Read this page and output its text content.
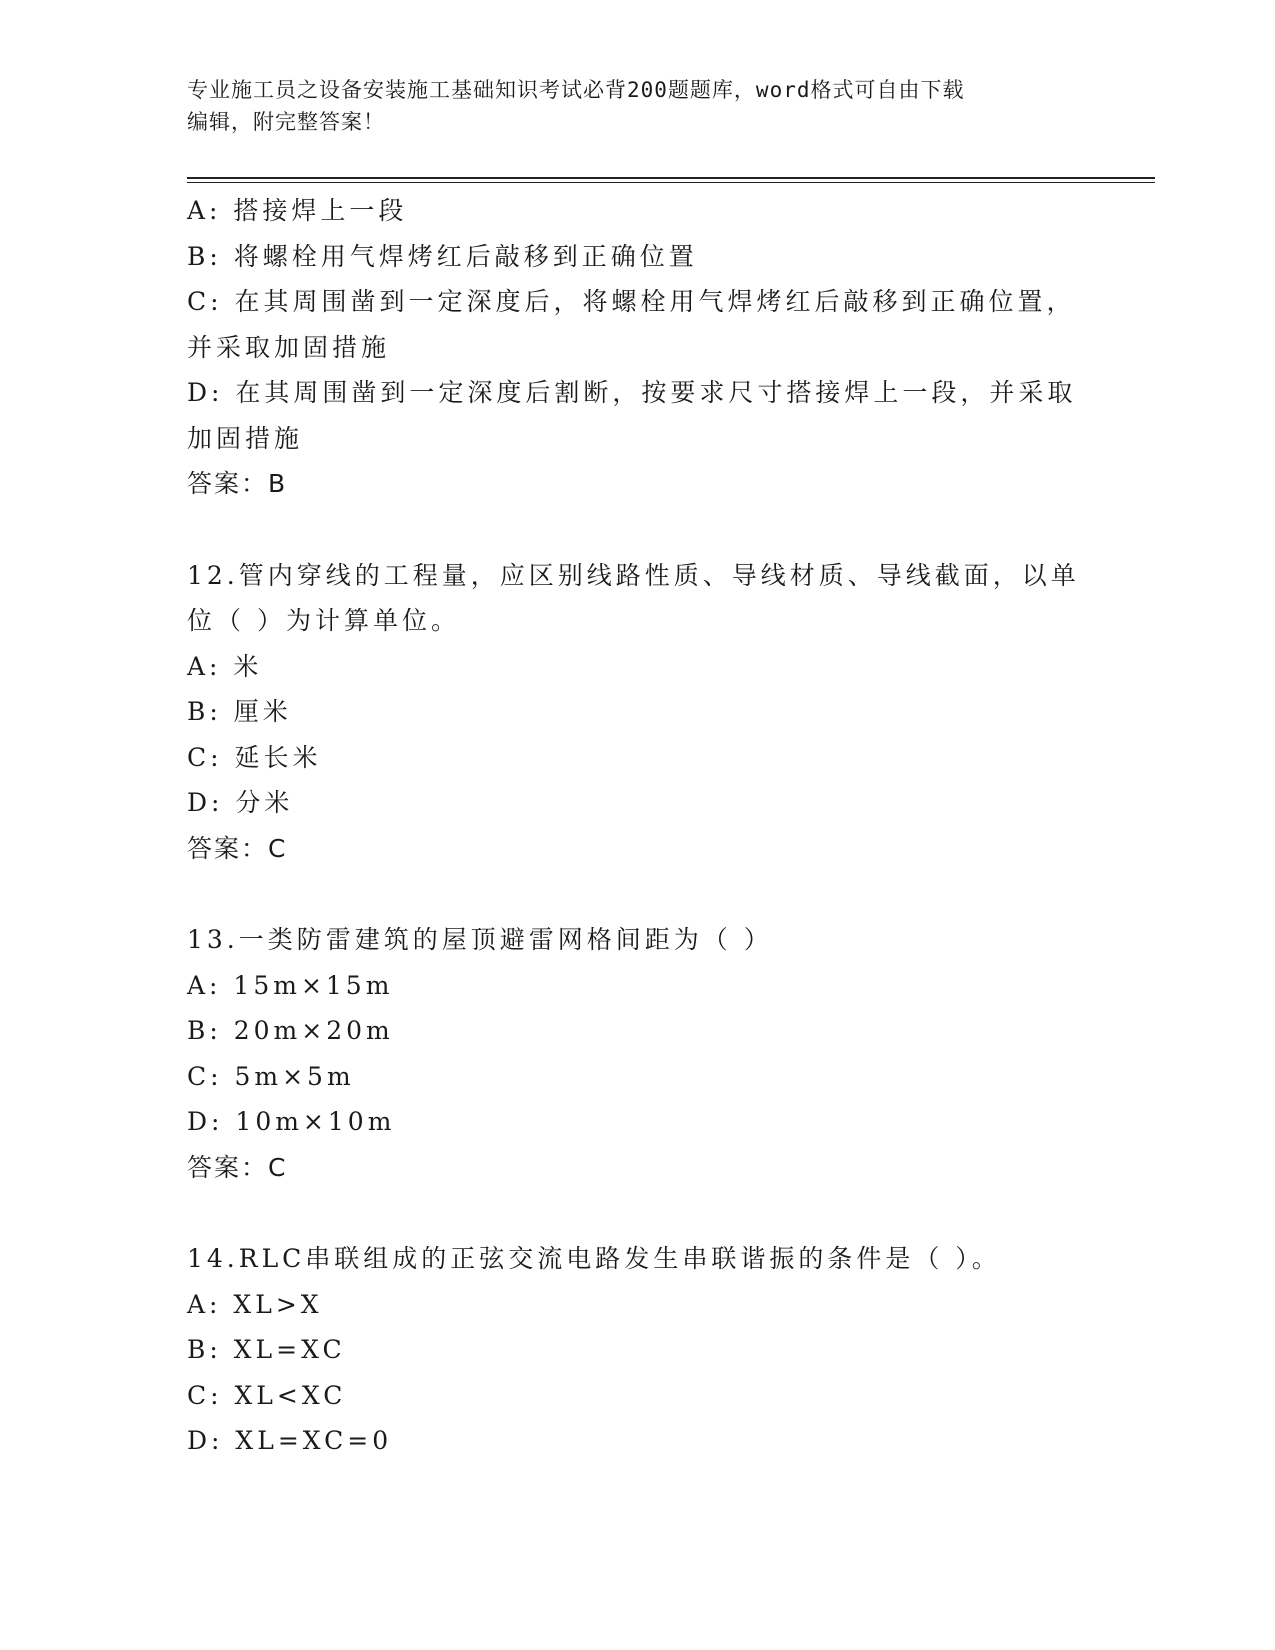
专业施工员之设备安装施工基础知识考试必背200题题库，word格式可自由下载
编辑，附完整答案！
A: 搭接焊上一段
B: 将螺栓用气焊烤红后敲移到正确位置
C: 在其周围凿到一定深度后，将螺栓用气焊烤红后敲移到正确位置，
并采取加固措施
D: 在其周围凿到一定深度后割断，按要求尺寸搭接焊上一段，并采取
加固措施
答案：B
12.管内穿线的工程量，应区别线路性质、导线材质、导线截面，以单
位（ ）为计算单位。
A: 米
B: 厘米
C: 延长米
D: 分米
答案：C
13.一类防雷建筑的屋顶避雷网格间距为（ ）
A: 15m×15m
B: 20m×20m
C: 5m×5m
D: 10m×10m
答案：C
14.RLC串联组成的正弦交流电路发生串联谐振的条件是（ ）。
A: XL>X
B: XL=XC
C: XL<XC
D: XL=XC=0
